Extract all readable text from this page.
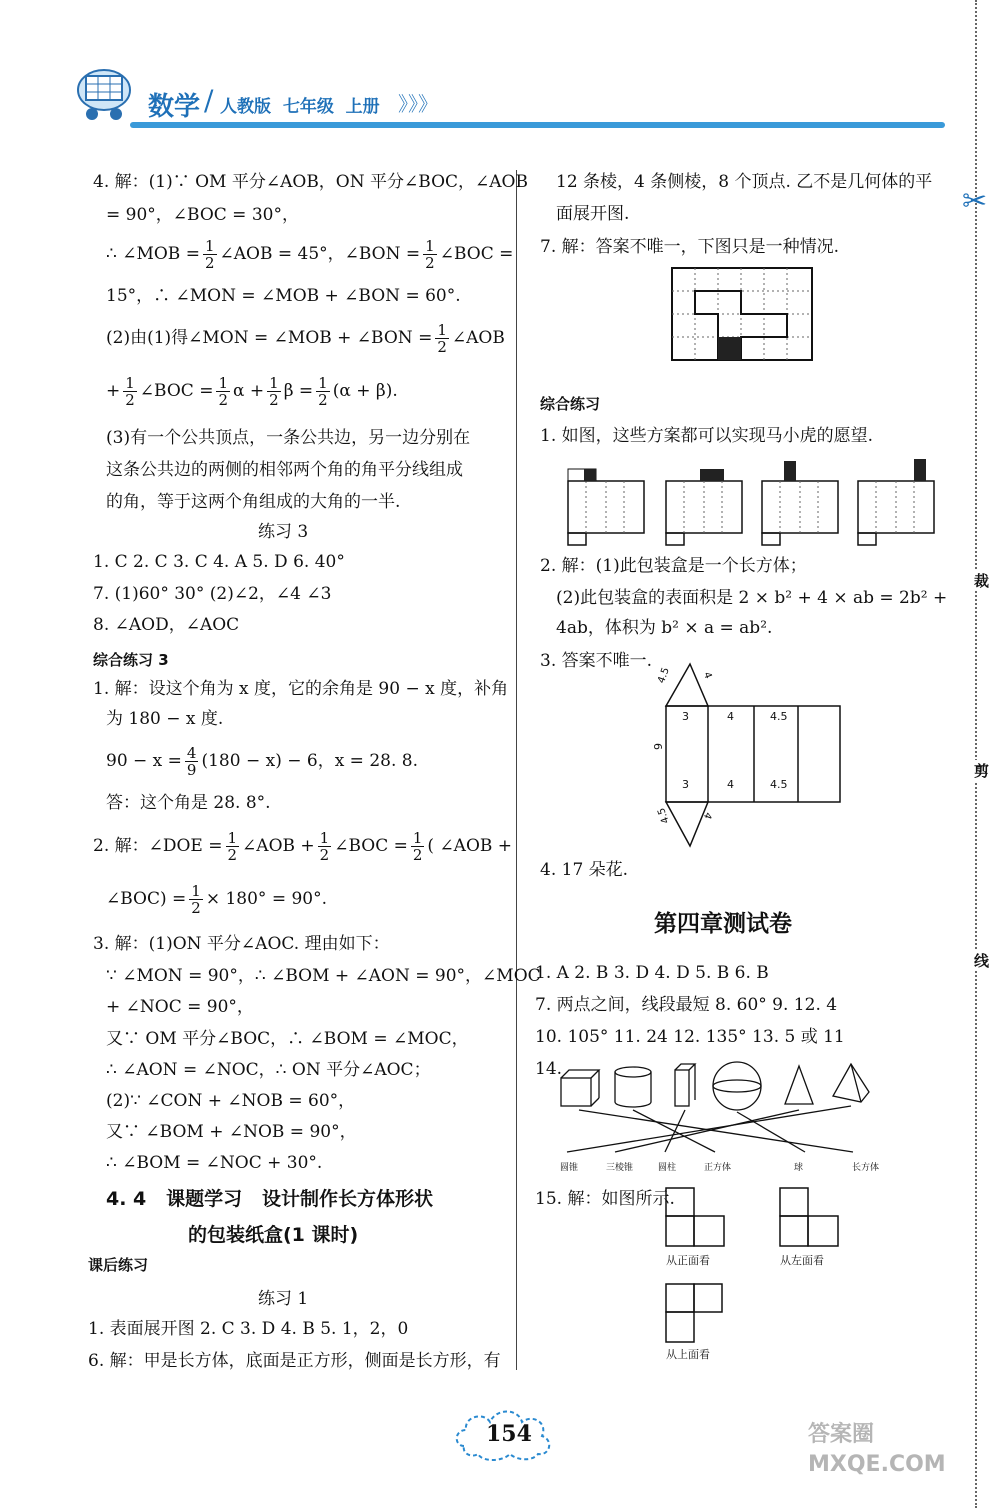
数学 / 人教版  七年级  上册 》》》
✂
裁
剪
线
4. 解：(1)∵ OM 平分∠AOB，ON 平分∠BOC，∠AOB
= 90°，∠BOC = 30°，
∴ ∠MOB = $\frac{1}{2}$ ∠AOB = 45°，∠BON = $\frac{1}{2}$ ∠BOC =
15°，∴ ∠MON = ∠MOB + ∠BON = 60°.
(2)由(1)得∠MON = ∠MOB + ∠BON = $\frac{1}{2}$ ∠AOB
+ $\frac{1}{2}$ ∠BOC = $\frac{1}{2}$ $\alpha + \frac{1}{2}$ $\beta = \frac{1}{2} (\alpha + \beta)$.
(3)有一个公共顶点，一条公共边，另一边分别在
这条公共边的两侧的相邻两个角的角平分线组成
的角，等于这两个角组成的大角的一半.
练习 3
1. C 2. C 3. C 4. A 5. D 6. 40°
7. (1)60° 30° (2)∠2，∠4 ∠3
8. ∠AOD，∠AOC
综合练习 3
1. 解：设这个角为 x 度，它的余角是 90 − x 度，补角
为 180 − x 度.
$90 - x = \frac{4}{9} (180 - x) - 6$，x = 28. 8.
答：这个角是 28. 8°.
2. 解：∠DOE = $\frac{1}{2}$ ∠AOB + $\frac{1}{2}$ ∠BOC = $\frac{1}{2}$ ( ∠AOB +
∠BOC) = $\frac{1}{2} \times 180^\circ = 90^\circ$.
3. 解：(1)ON 平分∠AOC. 理由如下：
∵ ∠MON = 90°，∴ ∠BOM + ∠AON = 90°，∠MOC
+ ∠NOC = 90°，
又∵ OM 平分∠BOC，∴ ∠BOM = ∠MOC，
∴ ∠AON = ∠NOC，∴ ON 平分∠AOC；
(2)∵ ∠CON + ∠NOB = 60°，
又∵ ∠BOM + ∠NOB = 90°，
∴ ∠BOM = ∠NOC + 30°.
4. 4   课题学习   设计制作长方体形状
的包装纸盒(1 课时)
课后练习
练习 1
1. 表面展开图 2. C 3. D 4. B 5. 1，2，0
6. 解：甲是长方体，底面是正方形，侧面是长方形，有
12 条棱，4 条侧棱，8 个顶点. 乙不是几何体的平
面展开图.
7. 解：答案不唯一，下图只是一种情况.
综合练习
1. 如图，这些方案都可以实现马小虎的愿望.
2. 解：(1)此包装盒是一个长方体；
(2)此包装盒的表面积是 2 × b² + 4 × ab = 2b² +
4ab，体积为 b² × a = ab².
3. 答案不唯一.
3	4	4.5
3	4	4.5
6
4.5	4
4.5	4
4. 17 朵花.
第四章测试卷
1. A 2. B 3. D 4. D 5. B 6. B
7. 两点之间，线段最短 8. 60° 9. 12. 4
10. 105° 11. 24 12. 135° 13. 5 或 11
14.
圆锥	三棱锥	圆柱	正方体	球	长方体
15. 解：如图所示.
从正面看	从左面看
从上面看
154	答案圈 MXQE.COM
